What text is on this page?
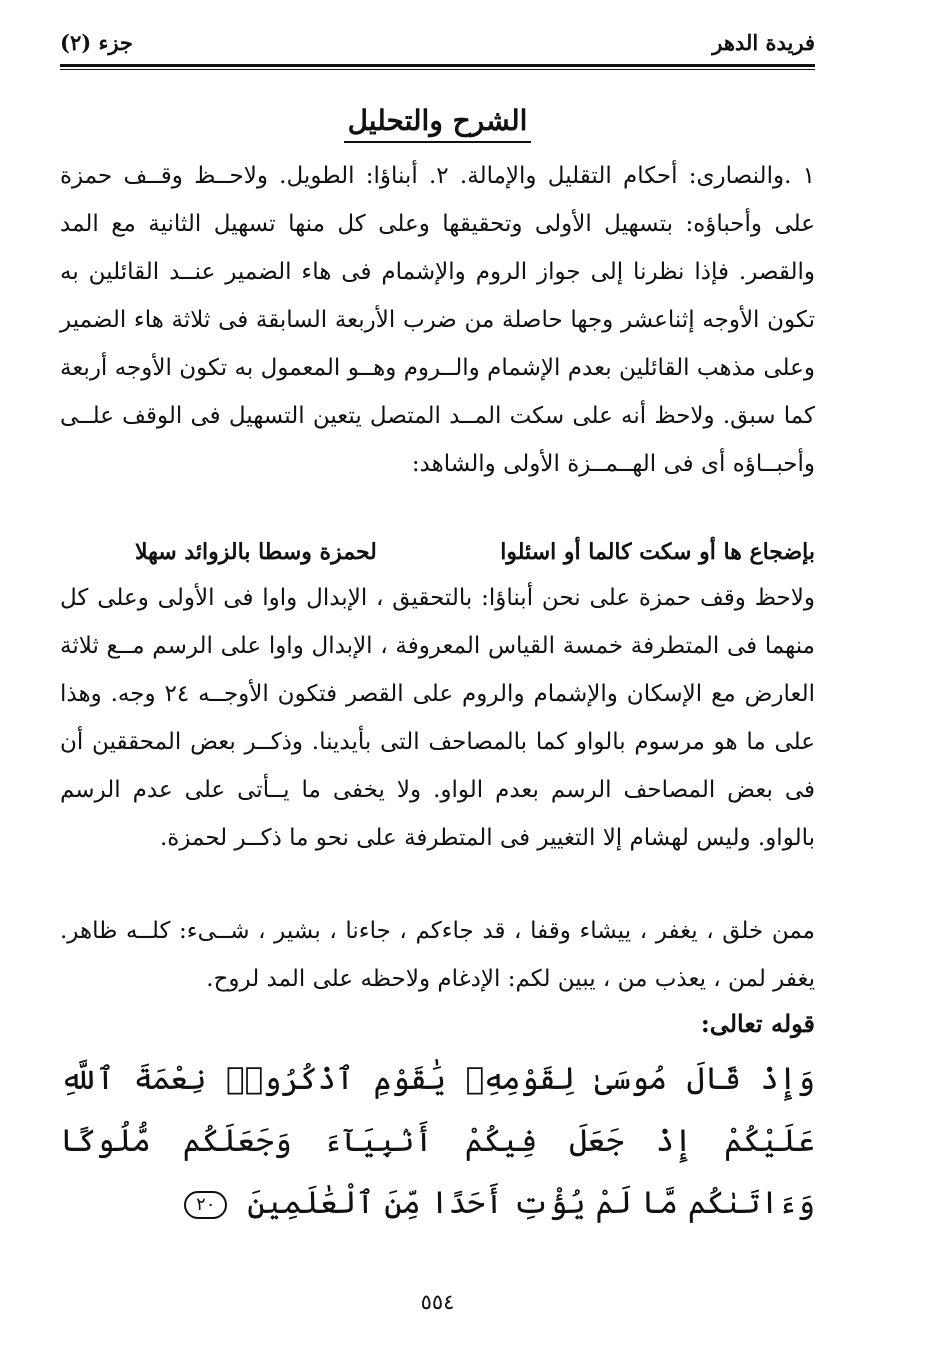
فريدة الدهر
جزء (٢)
الشرح والتحليل
١ .والنصارى: أحكام التقليل والإمالة. ٢. أبناؤا: الطويل. ولاحــظ وقــف حمزة على وأحباؤه: بتسهيل الأولى وتحقيقها وعلى كل منها تسهيل الثانية مع المد والقصر. فإذا نظرنا إلى جواز الروم والإشمام فى هاء الضمير عنــد القائلين به تكون الأوجه إثناعشر وجها حاصلة من ضرب الأربعة السابقة فى ثلاثة هاء الضمير وعلى مذهب القائلين بعدم الإشمام والــروم وهــو المعمول به تكون الأوجه أربعة كما سبق. ولاحظ أنه على سكت المــد المتصل يتعين التسهيل فى الوقف علــى وأحبــاؤه أى فى الهــمــزة الأولى والشاهد:
بإضجاع ها أو سكت كالما أو اسئلوا
لحمزة وسطا بالزوائد سهلا
ولاحظ وقف حمزة على نحن أبناؤا: بالتحقيق ، الإبدال واوا فى الأولى وعلى كل منهما فى المتطرفة خمسة القياس المعروفة ، الإبدال واوا على الرسم مــع ثلاثة العارض مع الإسكان والإشمام والروم على القصر فتكون الأوجــه ٢٤ وجه. وهذا على ما هو مرسوم بالواو كما بالمصاحف التى بأيدينا. وذكــر بعض المحققين أن فى بعض المصاحف الرسم بعدم الواو. ولا يخفى ما يــأتى على عدم الرسم بالواو. وليس لهشام إلا التغيير فى المتطرفة على نحو ما ذكــر لحمزة.
ممن خلق ، يغفر ، ييشاء وقفا ، قد جاءكم ، جاءنا ، بشير ، شــىء: كلــه ظاهر. يغفر لمن ، يعذب من ، يبين لكم: الإدغام ولاحظه على المد لروح.
قوله تعالى:
وَإِذْ قَالَ مُوسَىٰ لِقَوْمِهِۦ يَٰقَوْمِ ٱذْكُرُوا۟ نِعْمَةَ ٱللَّهِ عَلَيْكُمْ إِذْ جَعَلَ فِيكُمْ أَنۢبِيَآءَ وَجَعَلَكُم مُّلُوكًا وَءَاتَىٰكُم مَّا لَمْ يُؤْتِ أَحَدًا مِّنَ ٱلْعَٰلَمِينَ ٢٠
٥٥٤
